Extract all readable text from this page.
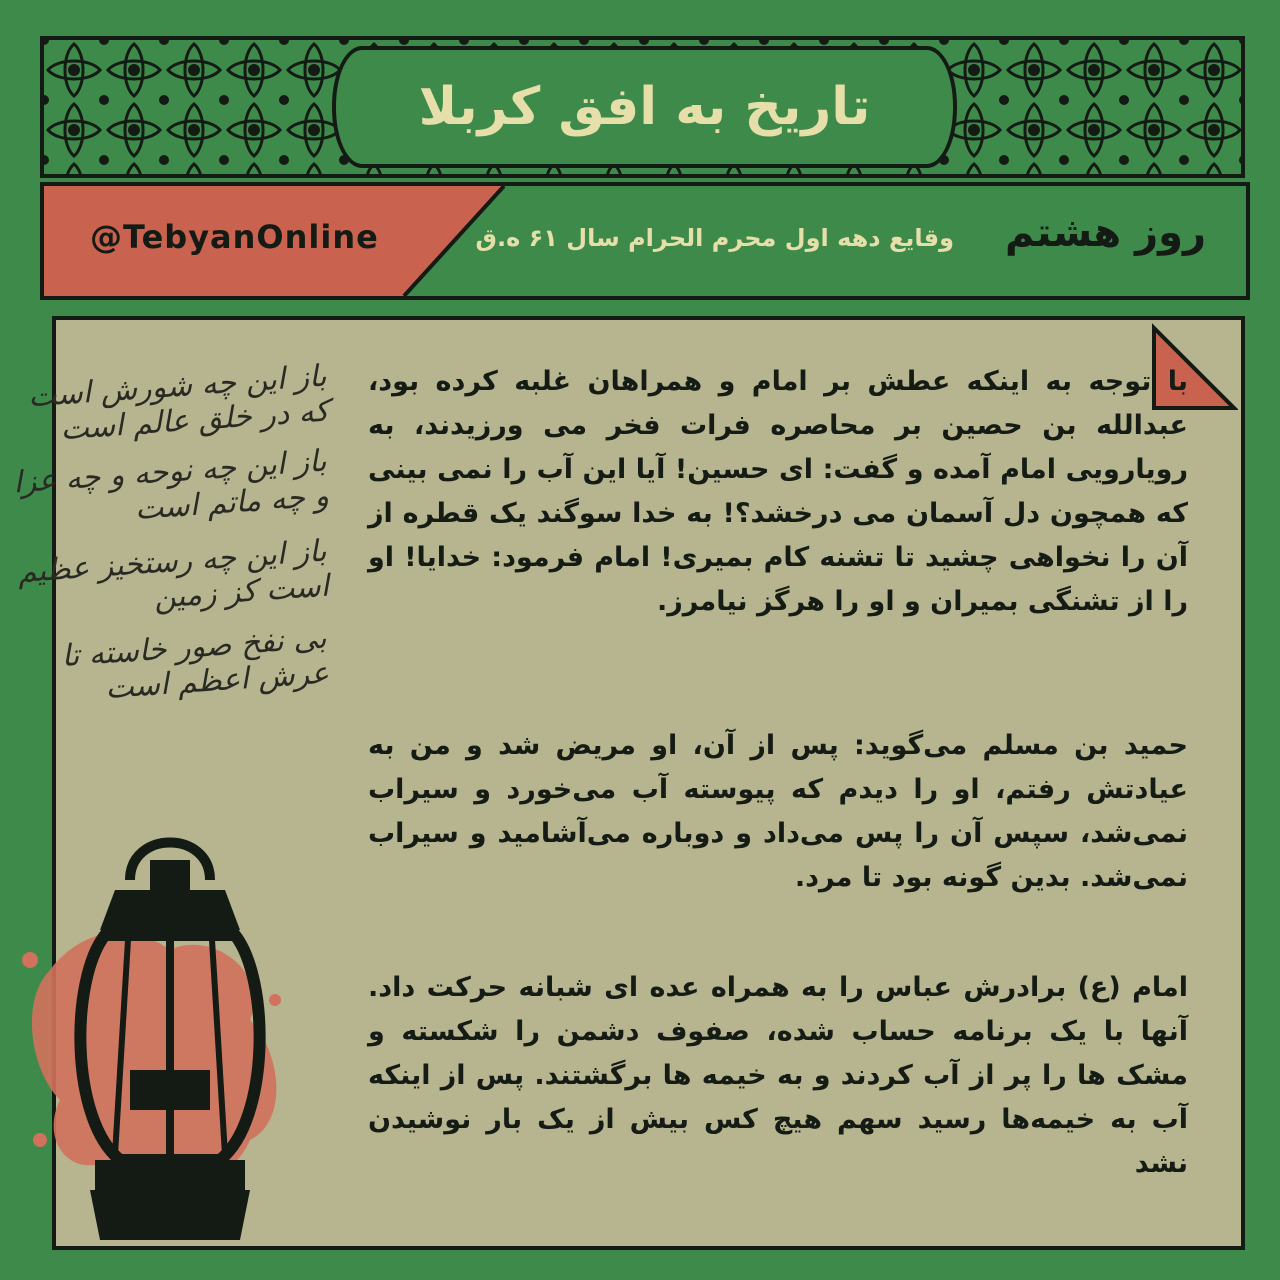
تاریخ به افق کربلا
@TebyanOnline	وقایع دهه اول محرم الحرام سال ۶۱ ه.ق روز هشتم
با توجه به اینکه عطش بر امام و همراهان غلبه کرده بود، عبدالله بن حصین بر محاصره فرات فخر می ورزیدند، به رویارویی امام آمده و گفت: ای حسین! آیا این آب را نمی بینی که همچون دل آسمان می درخشد؟! به خدا سوگند یک قطره از آن را نخواهی چشید تا تشنه کام بمیری! امام فرمود: خدایا! او را از تشنگی بمیران و او را هرگز نیامرز.
حمید بن مسلم می‌گوید: پس از آن، او مریض شد و من به عیادتش رفتم، او را دیدم که پیوسته آب می‌خورد و سیراب نمی‌شد، سپس آن را پس می‌داد و دوباره می‌آشامید و سیراب نمی‌شد. بدین گونه بود تا مرد.
امام (ع) برادرش عباس را به همراه عده ای شبانه حرکت داد. آنها با یک برنامه حساب شده، صفوف دشمن را شکسته و مشک ها را پر از آب کردند و به خیمه ها برگشتند. پس از اینکه آب به خیمه‌ها رسید سهم هیچ کس بیش از یک بار نوشیدن نشد
باز این چه شورش است که در خلق عالم است
باز این چه نوحه و چه عزا و چه ماتم است
باز این چه رستخیز عظیم است کز زمین
بی نفخ صور خاسته تا عرش اعظم است
